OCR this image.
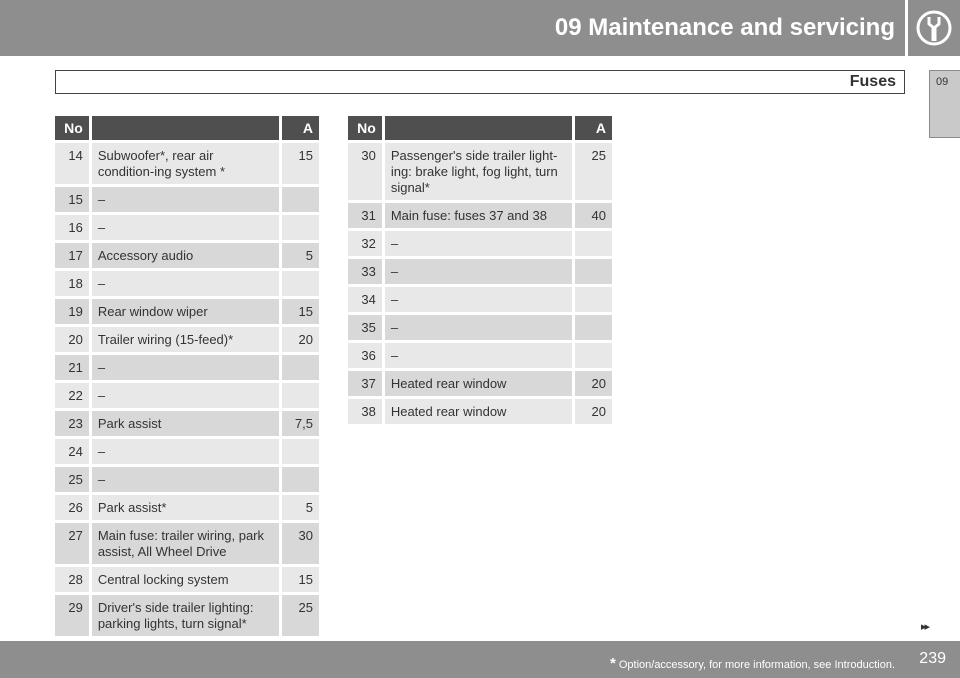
09 Maintenance and servicing
Fuses	09
No		A
14	Subwoofer*, rear air condition-ing system *	15
15	–	
16	–	
17	Accessory audio	5
18	–	
19	Rear window wiper	15
20	Trailer wiring (15-feed)*	20
21	–	
22	–	
23	Park assist	7,5
24	–	
25	–	
26	Park assist*	5
27	Main fuse: trailer wiring, park assist, All Wheel Drive	30
28	Central locking system	15
29	Driver's side trailer lighting: parking lights, turn signal*	25
No		A
30	Passenger's side trailer light-ing: brake light, fog light, turn signal*	25
31	Main fuse: fuses 37 and 38	40
32	–	
33	–	
34	–	
35	–	
36	–	
37	Heated rear window	20
38	Heated rear window	20
▸▸
* Option/accessory, for more information, see Introduction. 239
